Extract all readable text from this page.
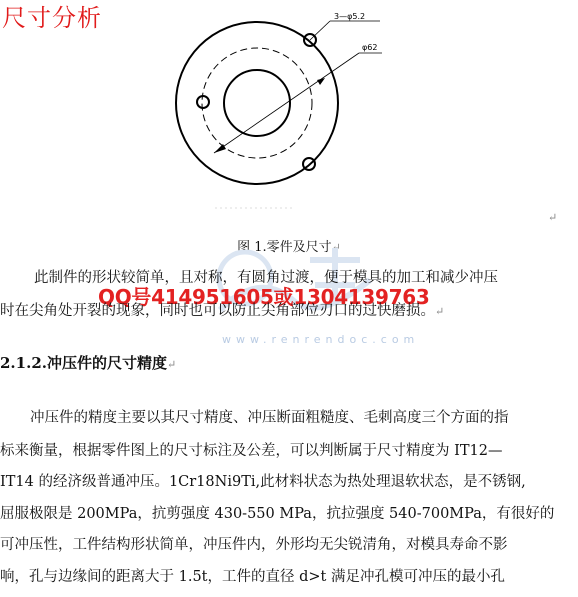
尺寸分析	3—φ5.2
φ62
↵
图 1.零件及尺寸↵
此制件的形状较简单，且对称，有圆角过渡，便于模具的加工和减少冲压
QQ号414951605或1304139763
时在尖角处开裂的现象，同时也可以防止尖角部位刃口的过快磨损。↵
www.renrendoc.com
2.1.2.冲压件的尺寸精度↵
冲压件的精度主要以其尺寸精度、冲压断面粗糙度、毛刺高度三个方面的指
标来衡量，根据零件图上的尺寸标注及公差，可以判断属于尺寸精度为 IT12—
IT14 的经济级普通冲压。1Cr18Ni9Ti,此材料状态为热处理退软状态，是不锈钢,
屈服极限是 200MPa，抗剪强度 430-550 MPa，抗拉强度 540-700MPa，有很好的
可冲压性，工件结构形状简单，冲压件内，外形均无尖锐清角，对模具寿命不影
响，孔与边缘间的距离大于 1.5t，工件的直径 d>t 满足冲孔模可冲压的最小孔
